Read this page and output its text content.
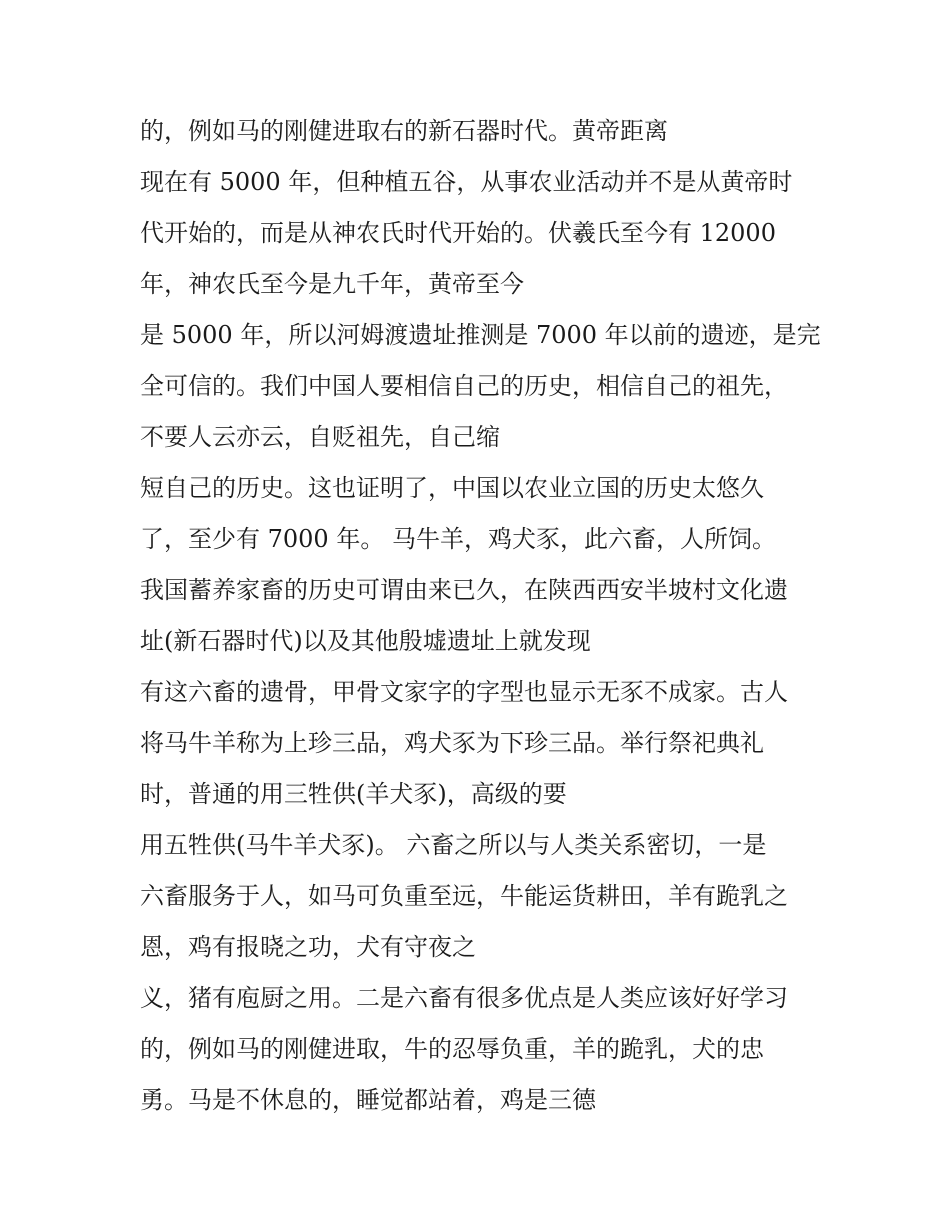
的，例如马的刚健进取右的新石器时代。黄帝距离
现在有 5000 年，但种植五谷，从事农业活动并不是从黄帝时
代开始的，而是从神农氏时代开始的。伏羲氏至今有 12000
年，神农氏至今是九千年，黄帝至今
是 5000 年，所以河姆渡遗址推测是 7000 年以前的遗迹，是完
全可信的。我们中国人要相信自己的历史，相信自己的祖先，
不要人云亦云，自贬祖先，自己缩
短自己的历史。这也证明了，中国以农业立国的历史太悠久
了，至少有 7000 年。 马牛羊，鸡犬豕，此六畜，人所饲。
我国蓄养家畜的历史可谓由来已久，在陕西西安半坡村文化遗
址(新石器时代)以及其他殷墟遗址上就发现
有这六畜的遗骨，甲骨文家字的字型也显示无豕不成家。古人
将马牛羊称为上珍三品，鸡犬豕为下珍三品。举行祭祀典礼
时，普通的用三牲供(羊犬豕)，高级的要
用五牲供(马牛羊犬豕)。 六畜之所以与人类关系密切，一是
六畜服务于人，如马可负重至远，牛能运货耕田，羊有跪乳之
恩，鸡有报晓之功，犬有守夜之
义，猪有庖厨之用。二是六畜有很多优点是人类应该好好学习
的，例如马的刚健进取，牛的忍辱负重，羊的跪乳，犬的忠
勇。马是不休息的，睡觉都站着，鸡是三德
